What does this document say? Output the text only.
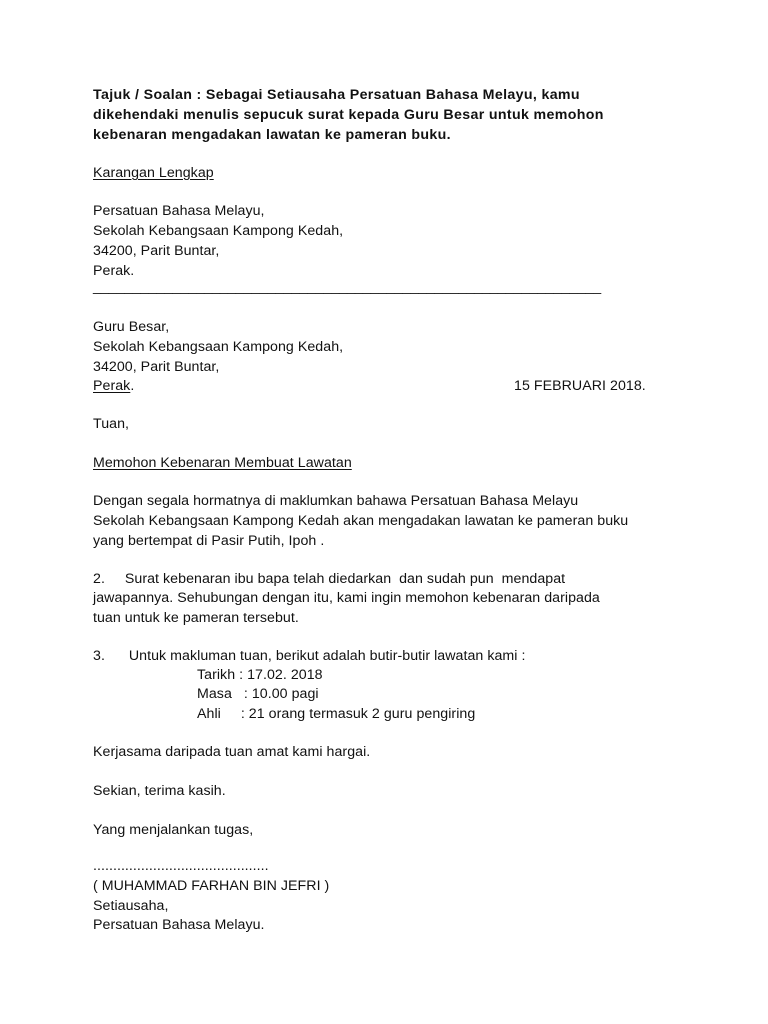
Tajuk / Soalan : Sebagai Setiausaha Persatuan Bahasa Melayu, kamu
dikehendaki menulis sepucuk surat kepada Guru Besar untuk memohon
kebenaran mengadakan lawatan ke pameran buku.
Karangan Lengkap
Persatuan Bahasa Melayu,
Sekolah Kebangsaan Kampong Kedah,
34200, Parit Buntar,
Perak.
________________________________________________________________
Guru Besar,
Sekolah Kebangsaan Kampong Kedah,
34200, Parit Buntar,
Perak.	15 FEBRUARI 2018.
Tuan,
Memohon Kebenaran Membuat Lawatan
Dengan segala hormatnya di maklumkan bahawa Persatuan Bahasa Melayu
Sekolah Kebangsaan Kampong Kedah akan mengadakan lawatan ke pameran buku
yang bertempat di Pasir Putih, Ipoh .
2.     Surat kebenaran ibu bapa telah diedarkan  dan sudah pun  mendapat
jawapannya. Sehubungan dengan itu, kami ingin memohon kebenaran daripada
tuan untuk ke pameran tersebut.
3.      Untuk makluman tuan, berikut adalah butir-butir lawatan kami :
Tarikh : 17.02. 2018
Masa   : 10.00 pagi
Ahli     : 21 orang termasuk 2 guru pengiring
Kerjasama daripada tuan amat kami hargai.
Sekian, terima kasih.
Yang menjalankan tugas,
............................................
( MUHAMMAD FARHAN BIN JEFRI )
Setiausaha,
Persatuan Bahasa Melayu.
